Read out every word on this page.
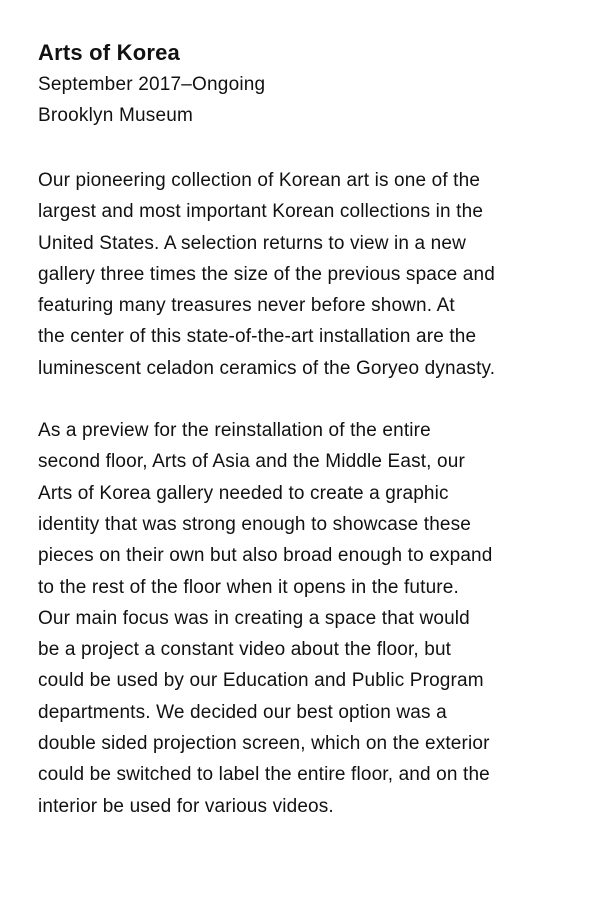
Arts of Korea

September 2017–Ongoing

Brooklyn Museum

Our pioneering collection of Korean art is one of the
largest and most important Korean collections in the
United States. A selection returns to view in a new
gallery three times the size of the previous space and
featuring many treasures never before shown. At
the center of this state-of-the-art installation are the
luminescent celadon ceramics of the Goryeo dynasty.

As a preview for the reinstallation of the entire
second floor, Arts of Asia and the Middle East, our
Arts of Korea gallery needed to create a graphic
identity that was strong enough to showcase these
pieces on their own but also broad enough to expand
to the rest of the floor when it opens in the future.
Our main focus was in creating a space that would
be a project a constant video about the floor, but
could be used by our Education and Public Program
departments. We decided our best option was a
double sided projection screen, which on the exterior
could be switched to label the entire floor, and on the
interior be used for various videos.
